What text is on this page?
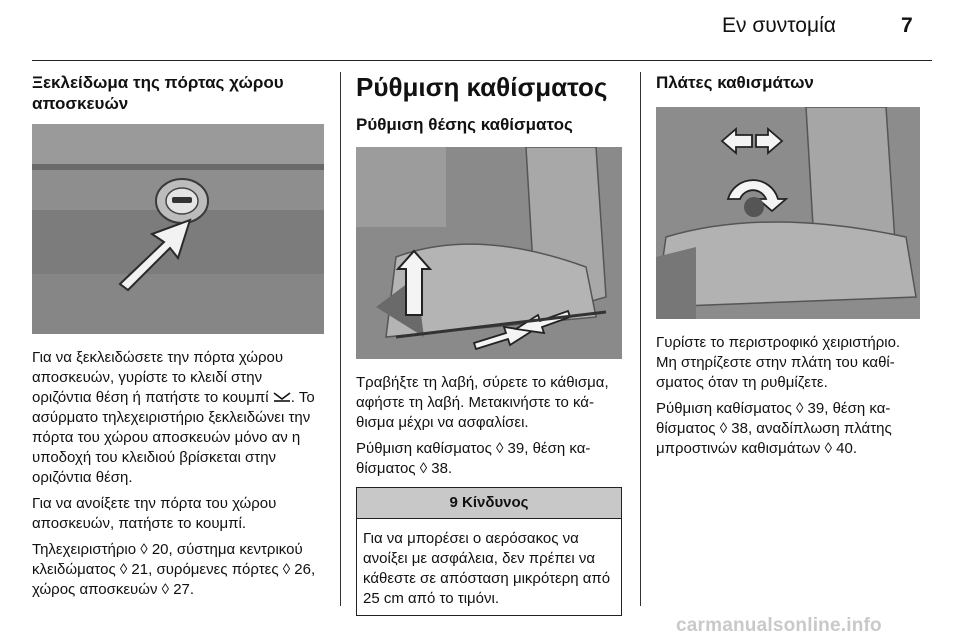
Εν συντομία	7
Ξεκλείδωμα της πόρτας χώρου αποσκευών

Για να ξεκλειδώσετε την πόρτα χώρου αποσκευών, γυρίστε το κλειδί στην οριζόντια θέση ή πατήστε το κουμπί . Το ασύρματο τηλεχειριστήριο ξεκλειδώνει την πόρτα του χώρου αποσκευών μόνο αν η υποδοχή του κλειδιού βρίσκεται στην οριζόντια θέση.

Για να ανοίξετε την πόρτα του χώρου αποσκευών, πατήστε το κουμπί.

Τηλεχειριστήριο ◊ 20, σύστημα κεντρικού κλειδώματος ◊ 21, συρόμενες πόρτες ◊ 26, χώρος αποσκευών ◊ 27.

Ρύθμιση καθίσματος
Ρύθμιση θέσης καθίσματος

Τραβήξτε τη λαβή, σύρετε το κάθισμα, αφήστε τη λαβή. Μετακινήστε το κάθισμα μέχρι να ασφαλίσει.

Ρύθμιση καθίσματος ◊ 39, θέση καθίσματος ◊ 38.

9 Κίνδυνος
Για να μπορέσει ο αερόσακος να ανοίξει με ασφάλεια, δεν πρέπει να κάθεστε σε απόσταση μικρότερη από 25 cm από το τιμόνι.
Πλάτες καθισμάτων

Γυρίστε το περιστροφικό χειριστήριο. Μη στηρίζεστε στην πλάτη του καθίσματος όταν τη ρυθμίζετε.

Ρύθμιση καθίσματος ◊ 39, θέση καθίσματος ◊ 38, αναδίπλωση πλάτης μπροστινών καθισμάτων ◊ 40.

carmanualsonline.info
